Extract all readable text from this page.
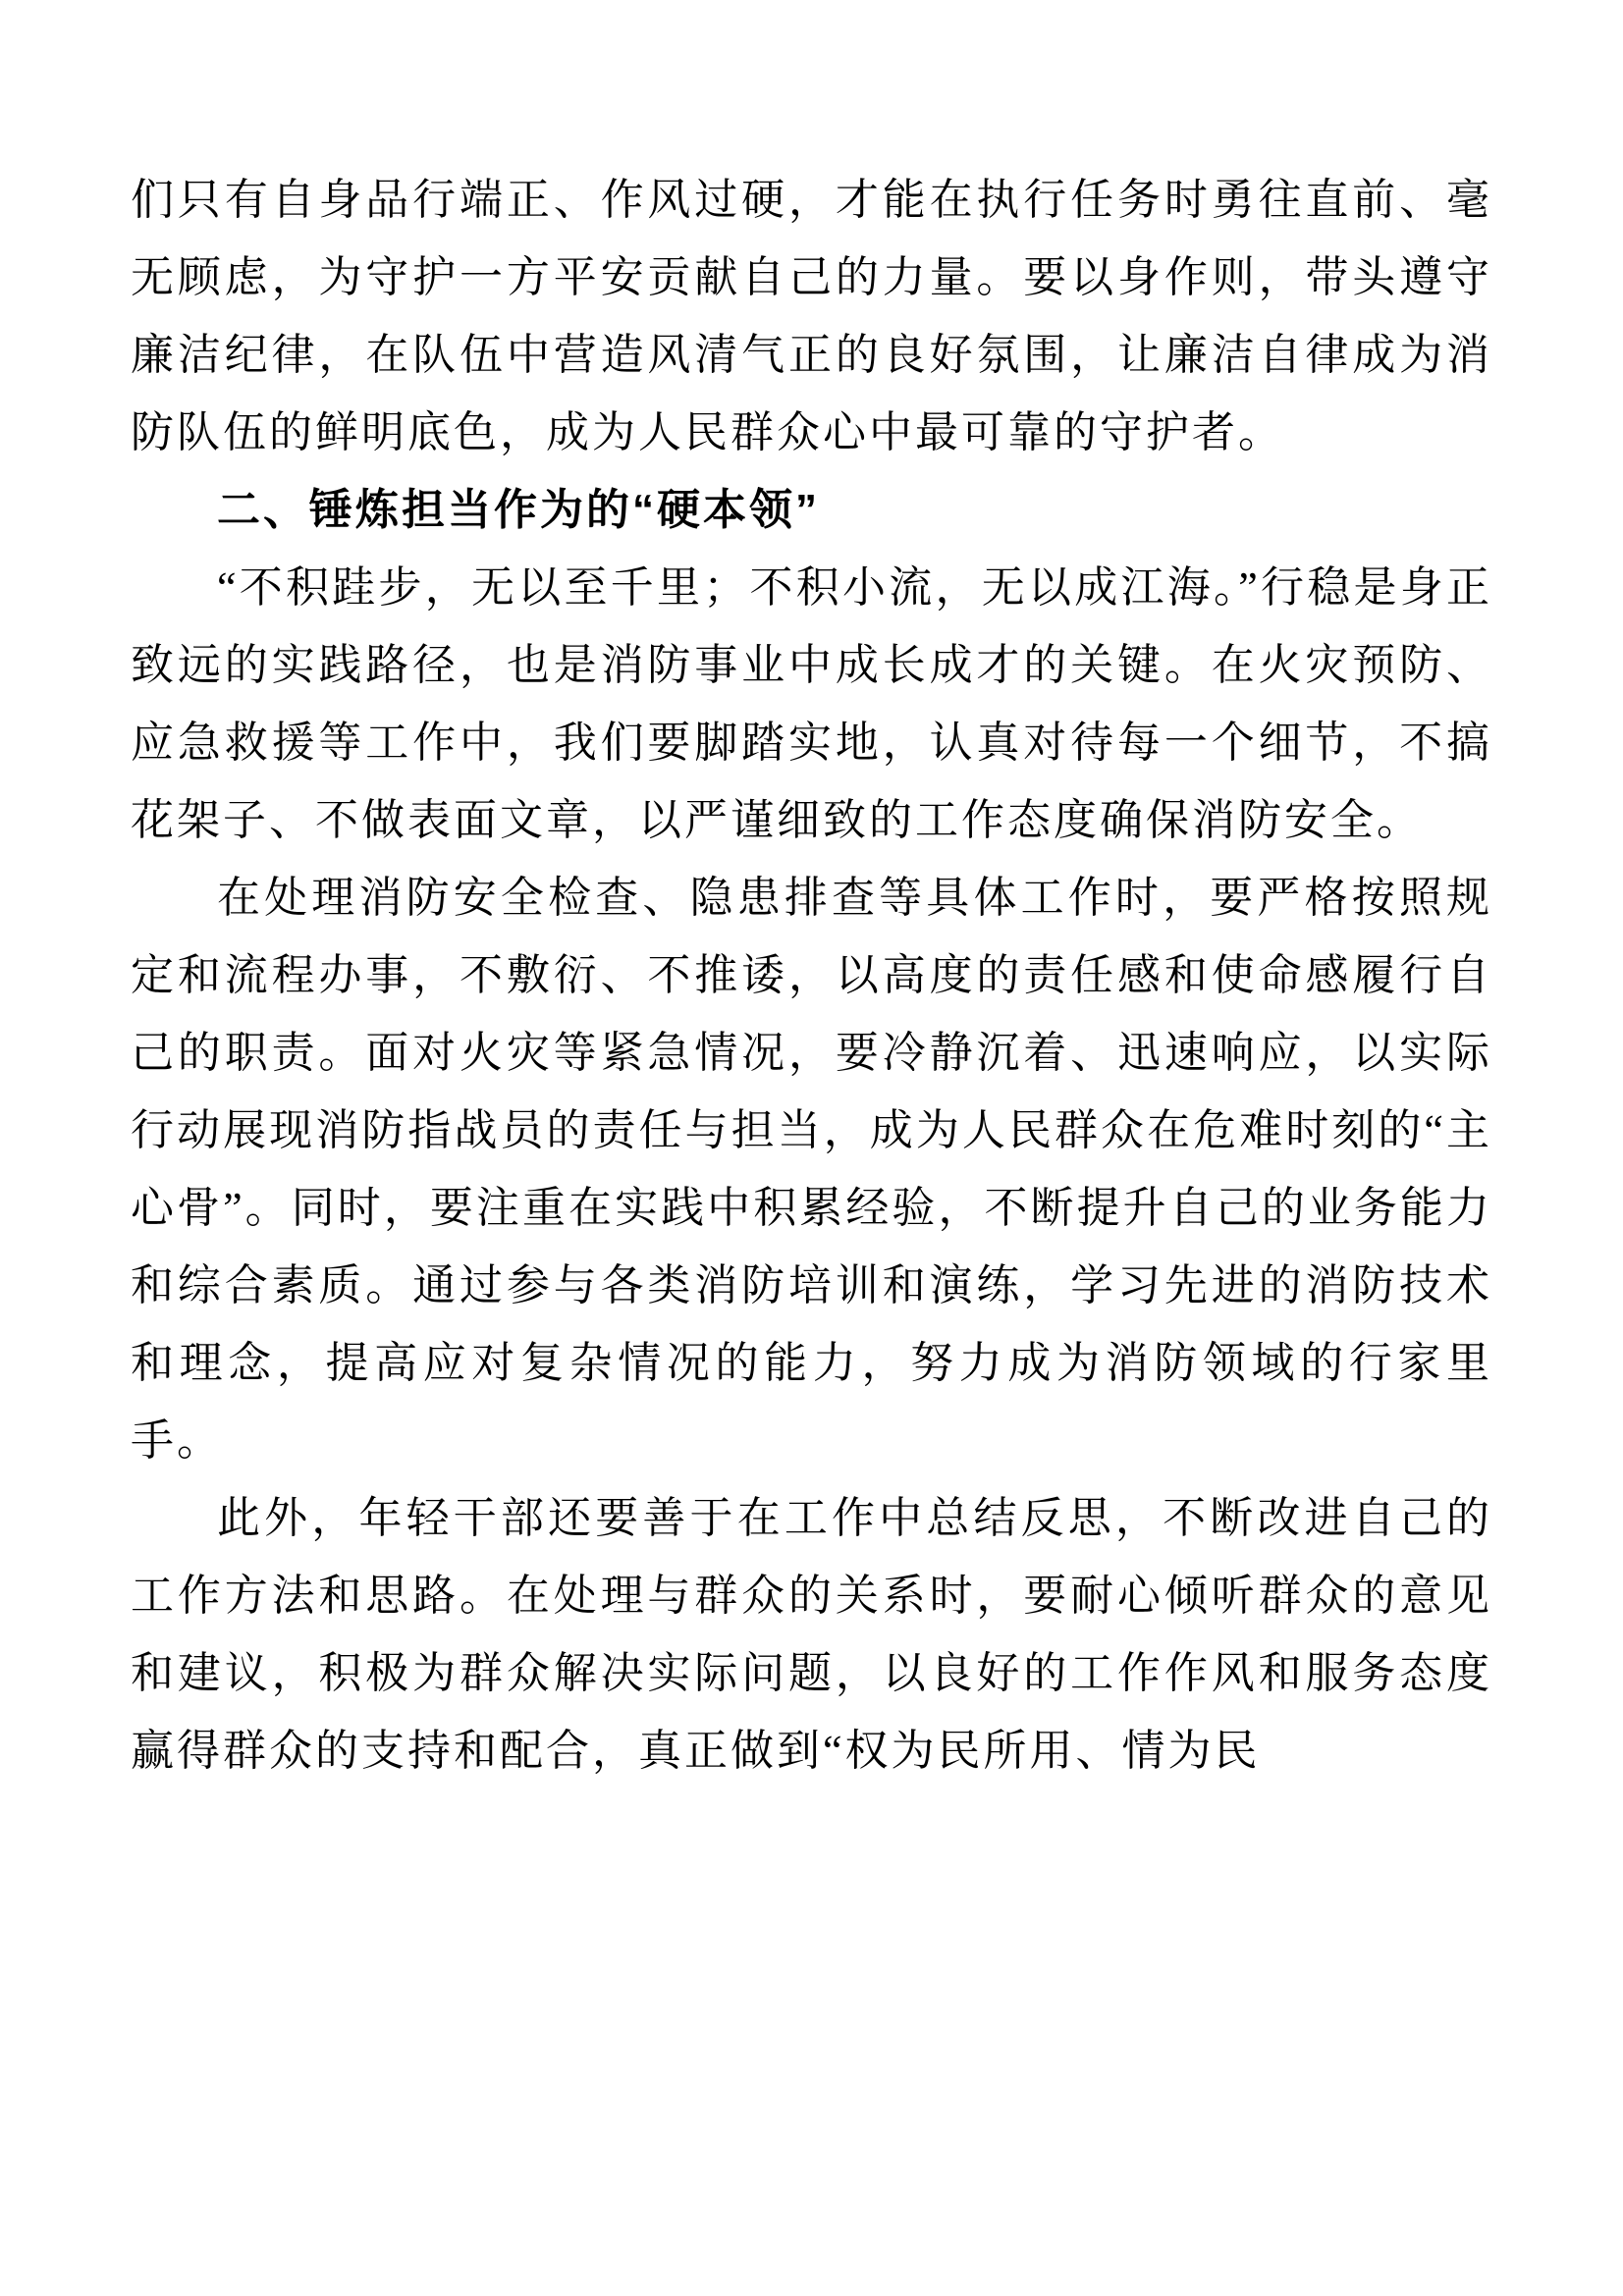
们只有自身品行端正、作风过硬，才能在执行任务时勇往直前、毫无顾虑，为守护一方平安贡献自己的力量。要以身作则，带头遵守廉洁纪律，在队伍中营造风清气正的良好氛围，让廉洁自律成为消防队伍的鲜明底色，成为人民群众心中最可靠的守护者。

二、锤炼担当作为的“硬本领”

“不积跬步，无以至千里；不积小流，无以成江海。”行稳是身正致远的实践路径，也是消防事业中成长成才的关键。在火灾预防、应急救援等工作中，我们要脚踏实地，认真对待每一个细节，不搞花架子、不做表面文章，以严谨细致的工作态度确保消防安全。

在处理消防安全检查、隐患排查等具体工作时，要严格按照规定和流程办事，不敷衍、不推诿，以高度的责任感和使命感履行自己的职责。面对火灾等紧急情况，要冷静沉着、迅速响应，以实际行动展现消防指战员的责任与担当，成为人民群众在危难时刻的“主心骨”。同时，要注重在实践中积累经验，不断提升自己的业务能力和综合素质。通过参与各类消防培训和演练，学习先进的消防技术和理念，提高应对复杂情况的能力，努力成为消防领域的行家里手。

此外，年轻干部还要善于在工作中总结反思，不断改进自己的工作方法和思路。在处理与群众的关系时，要耐心倾听群众的意见和建议，积极为群众解决实际问题，以良好的工作作风和服务态度赢得群众的支持和配合，真正做到“权为民所用、情为民
